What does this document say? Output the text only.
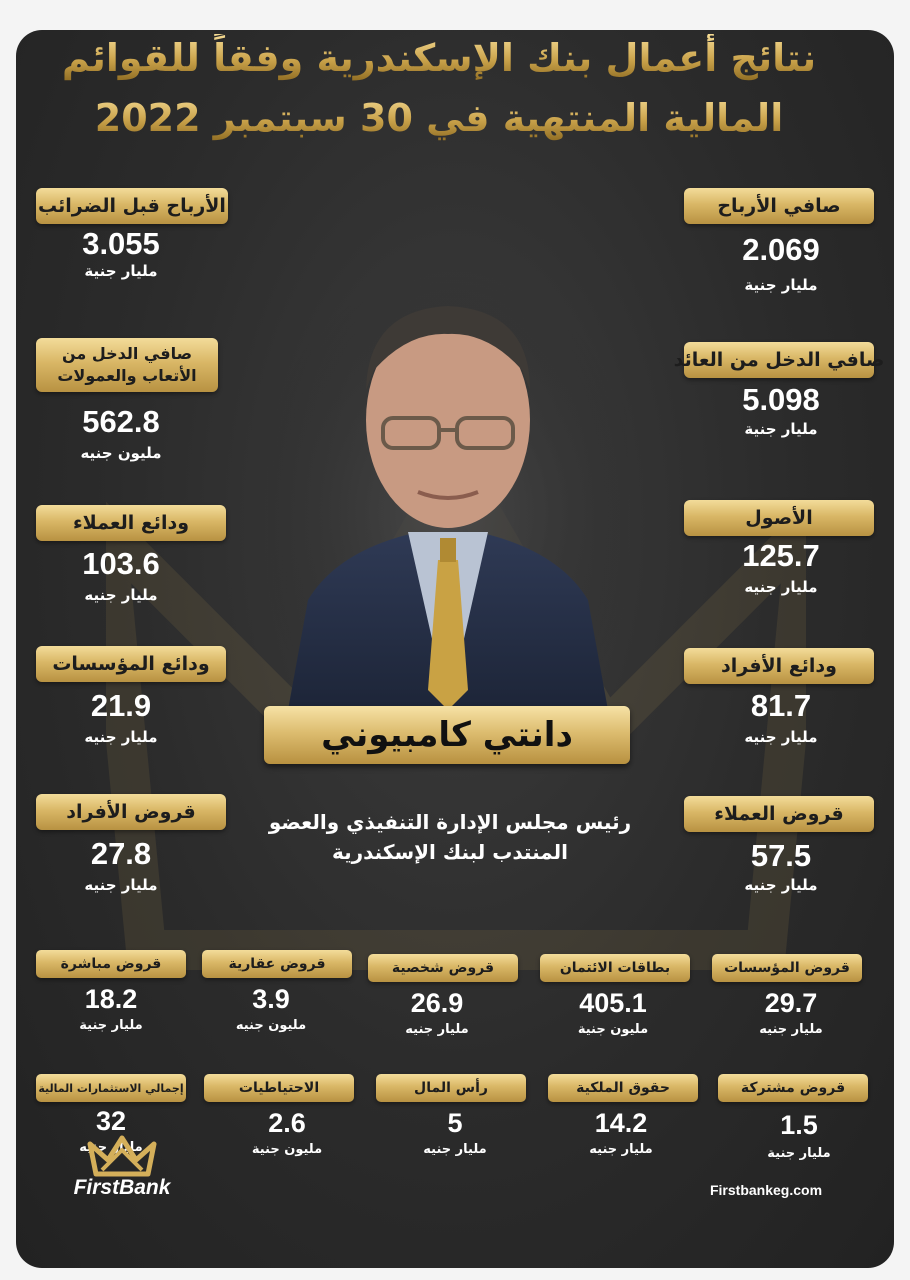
نتائج أعمال بنك الإسكندرية وفقاً للقوائم
المالية المنتهية في 30 سبتمبر 2022
الأرباح قبل الضرائب
3.055
مليار جنية
صافي الدخل من الأتعاب والعمولات
562.8
مليون جنيه
ودائع العملاء
103.6
مليار جنيه
ودائع المؤسسات
21.9
مليار جنيه
قروض الأفراد
27.8
مليار جنيه
صافي الأرباح
2.069
مليار جنية
صافي الدخل من العائد
5.098
مليار جنية
الأصول
125.7
مليار جنيه
ودائع الأفراد
81.7
مليار جنيه
قروض العملاء
57.5
مليار جنيه
دانتي كامبيوني
رئيس مجلس الإدارة التنفيذي والعضو
المنتدب لبنك الإسكندرية
قروض مباشرة
18.2
مليار جنية
قروض عقارية
3.9
مليون جنيه
قروض شخصية
26.9
مليار جنيه
بطاقات الائتمان
405.1
مليون جنية
قروض المؤسسات
29.7
مليار جنيه
إجمالي الاستثمارات المالية
32
مليار جنيه
الاحتياطيات
2.6
مليون جنية
رأس المال
5
مليار جنيه
حقوق الملكية
14.2
مليار جنيه
قروض مشتركة
1.5
مليار جنية
FirstBank	Firstbankeg.com
